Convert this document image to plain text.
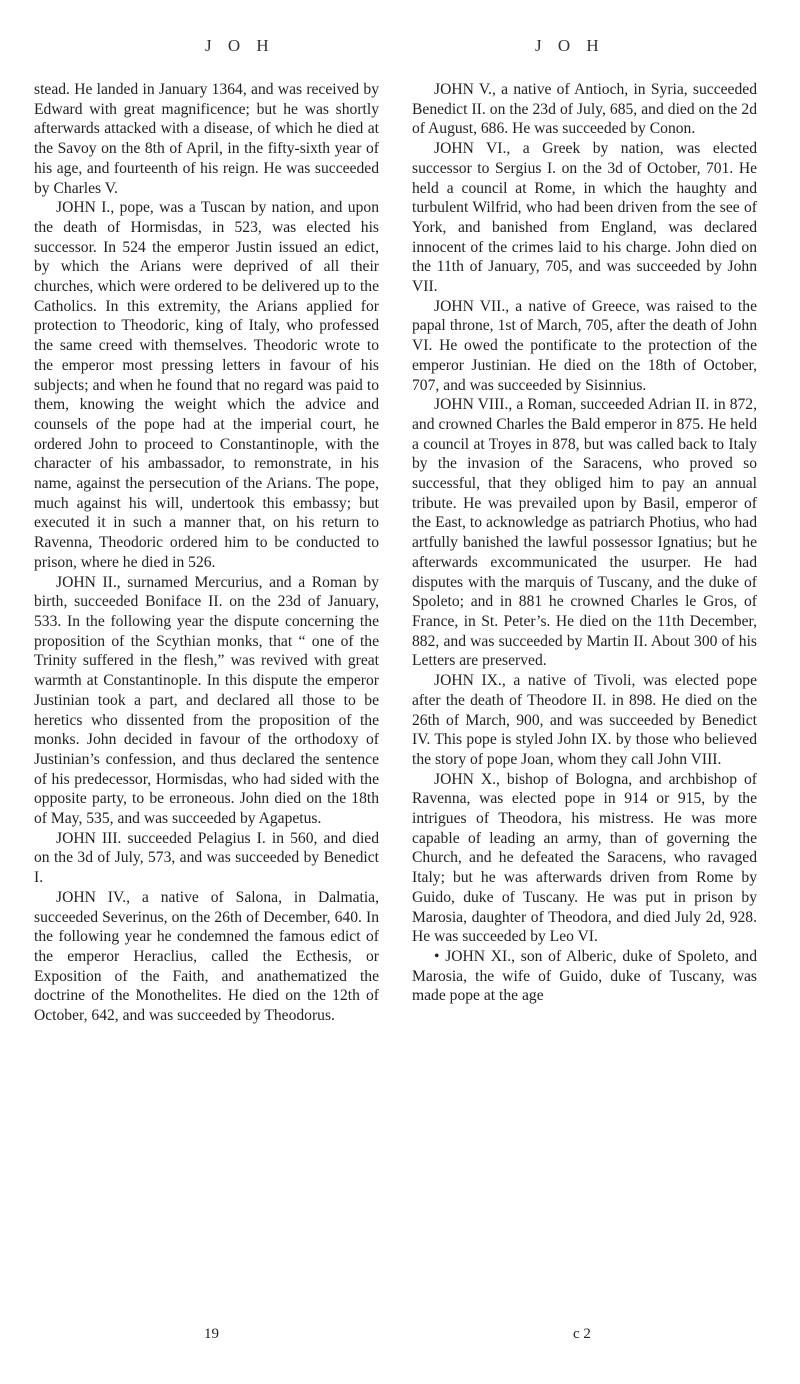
J O H	J O H

stead. He landed in January 1364, and was received by Edward with great magnificence; but he was shortly afterwards attacked with a disease, of which he died at the Savoy on the 8th of April, in the fifty-sixth year of his age, and fourteenth of his reign. He was succeeded by Charles V.

JOHN I., pope, was a Tuscan by nation, and upon the death of Hormisdas, in 523, was elected his successor. In 524 the emperor Justin issued an edict, by which the Arians were deprived of all their churches, which were ordered to be delivered up to the Catholics. In this extremity, the Arians applied for protection to Theodoric, king of Italy, who professed the same creed with themselves. Theodoric wrote to the emperor most pressing letters in favour of his subjects; and when he found that no regard was paid to them, knowing the weight which the advice and counsels of the pope had at the imperial court, he ordered John to proceed to Constantinople, with the character of his ambassador, to remonstrate, in his name, against the persecution of the Arians. The pope, much against his will, undertook this embassy; but executed it in such a manner that, on his return to Ravenna, Theodoric ordered him to be conducted to prison, where he died in 526.

JOHN II., surnamed Mercurius, and a Roman by birth, succeeded Boniface II. on the 23d of January, 533. In the following year the dispute concerning the proposition of the Scythian monks, that “ one of the Trinity suffered in the flesh,” was revived with great warmth at Constantinople. In this dispute the emperor Justinian took a part, and declared all those to be heretics who dissented from the proposition of the monks. John decided in favour of the orthodoxy of Justinian’s confession, and thus declared the sentence of his predecessor, Hormisdas, who had sided with the opposite party, to be erroneous. John died on the 18th of May, 535, and was succeeded by Agapetus.

JOHN III. succeeded Pelagius I. in 560, and died on the 3d of July, 573, and was succeeded by Benedict I.

JOHN IV., a native of Salona, in Dalmatia, succeeded Severinus, on the 26th of December, 640. In the following year he condemned the famous edict of the emperor Heraclius, called the Ecthesis, or Exposition of the Faith, and anathematized the doctrine of the Monothelites. He died on the 12th of October, 642, and was succeeded by Theodorus.

JOHN V., a native of Antioch, in Syria, succeeded Benedict II. on the 23d of July, 685, and died on the 2d of August, 686. He was succeeded by Conon.

JOHN VI., a Greek by nation, was elected successor to Sergius I. on the 3d of October, 701. He held a council at Rome, in which the haughty and turbulent Wilfrid, who had been driven from the see of York, and banished from England, was declared innocent of the crimes laid to his charge. John died on the 11th of January, 705, and was succeeded by John VII.

JOHN VII., a native of Greece, was raised to the papal throne, 1st of March, 705, after the death of John VI. He owed the pontificate to the protection of the emperor Justinian. He died on the 18th of October, 707, and was succeeded by Sisinnius.

JOHN VIII., a Roman, succeeded Adrian II. in 872, and crowned Charles the Bald emperor in 875. He held a council at Troyes in 878, but was called back to Italy by the invasion of the Saracens, who proved so successful, that they obliged him to pay an annual tribute. He was prevailed upon by Basil, emperor of the East, to acknowledge as patriarch Photius, who had artfully banished the lawful possessor Ignatius; but he afterwards excommunicated the usurper. He had disputes with the marquis of Tuscany, and the duke of Spoleto; and in 881 he crowned Charles le Gros, of France, in St. Peter’s. He died on the 11th December, 882, and was succeeded by Martin II. About 300 of his Letters are preserved.

JOHN IX., a native of Tivoli, was elected pope after the death of Theodore II. in 898. He died on the 26th of March, 900, and was succeeded by Benedict IV. This pope is styled John IX. by those who believed the story of pope Joan, whom they call John VIII.

JOHN X., bishop of Bologna, and archbishop of Ravenna, was elected pope in 914 or 915, by the intrigues of Theodora, his mistress. He was more capable of leading an army, than of governing the Church, and he defeated the Saracens, who ravaged Italy; but he was afterwards driven from Rome by Guido, duke of Tuscany. He was put in prison by Marosia, daughter of Theodora, and died July 2d, 928. He was succeeded by Leo VI.

• JOHN XI., son of Alberic, duke of Spoleto, and Marosia, the wife of Guido, duke of Tuscany, was made pope at the age

19	c 2
